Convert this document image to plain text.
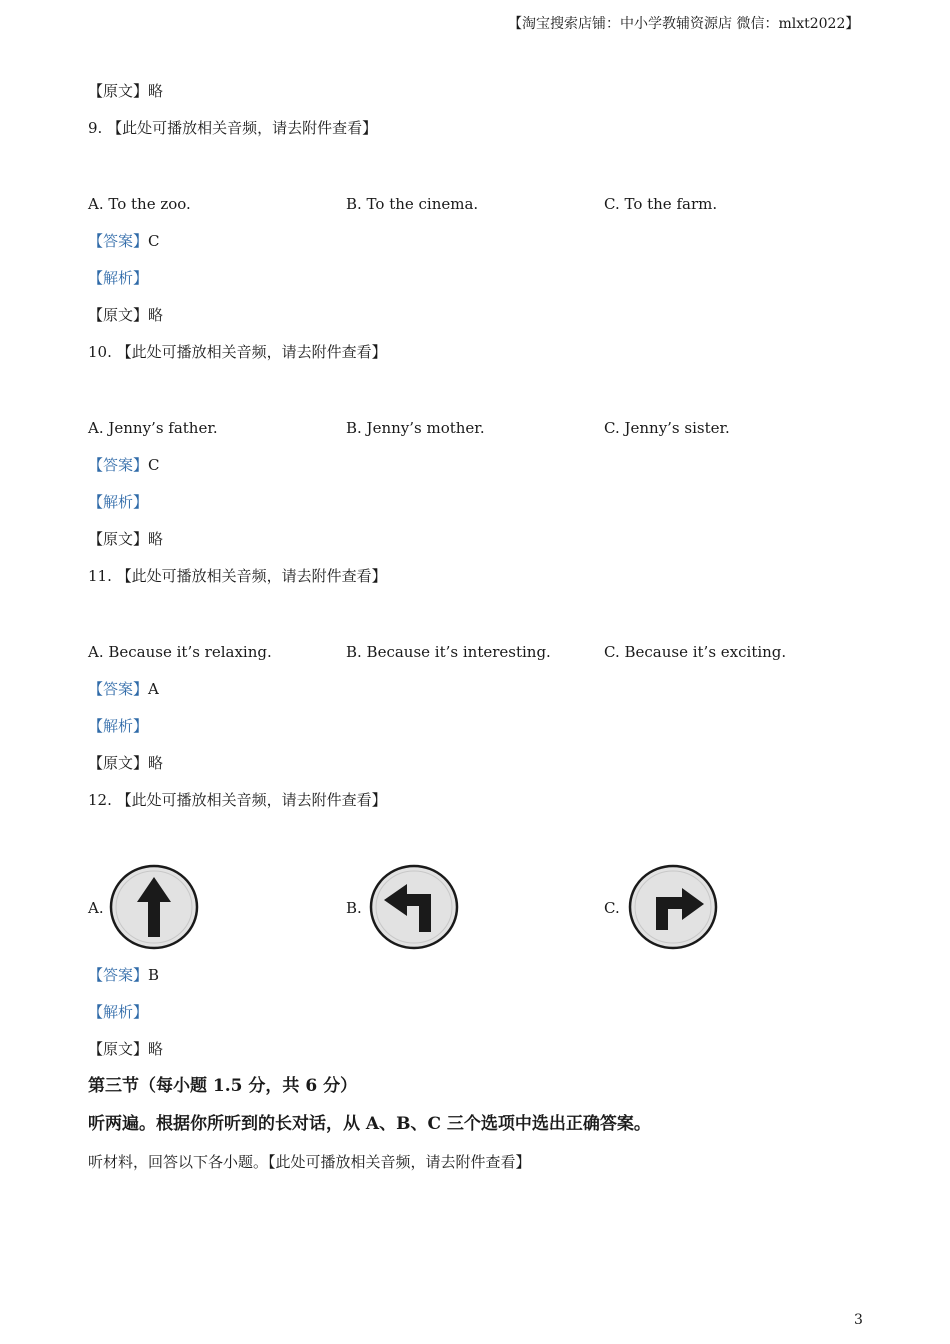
【淘宝搜索店铺：中小学教辅资源店 微信：mlxt2022】
【原文】略
9. 【此处可播放相关音频，请去附件查看】
A. To the zoo.	B. To the cinema.	C. To the farm.
【答案】C
【解析】
【原文】略
10. 【此处可播放相关音频，请去附件查看】
A. Jenny’s father.	B. Jenny’s mother.	C. Jenny’s sister.
【答案】C
【解析】
【原文】略
11. 【此处可播放相关音频，请去附件查看】
A. Because it’s relaxing.	B. Because it’s interesting.	C. Because it’s exciting.
【答案】A
【解析】
【原文】略
12. 【此处可播放相关音频，请去附件查看】
A.	B.	C.
【答案】B
【解析】
【原文】略
第三节（每小题 1.5 分，共 6 分）
听两遍。根据你所听到的长对话，从 A、B、C 三个选项中选出正确答案。
听材料，回答以下各小题。【此处可播放相关音频，请去附件查看】
3
